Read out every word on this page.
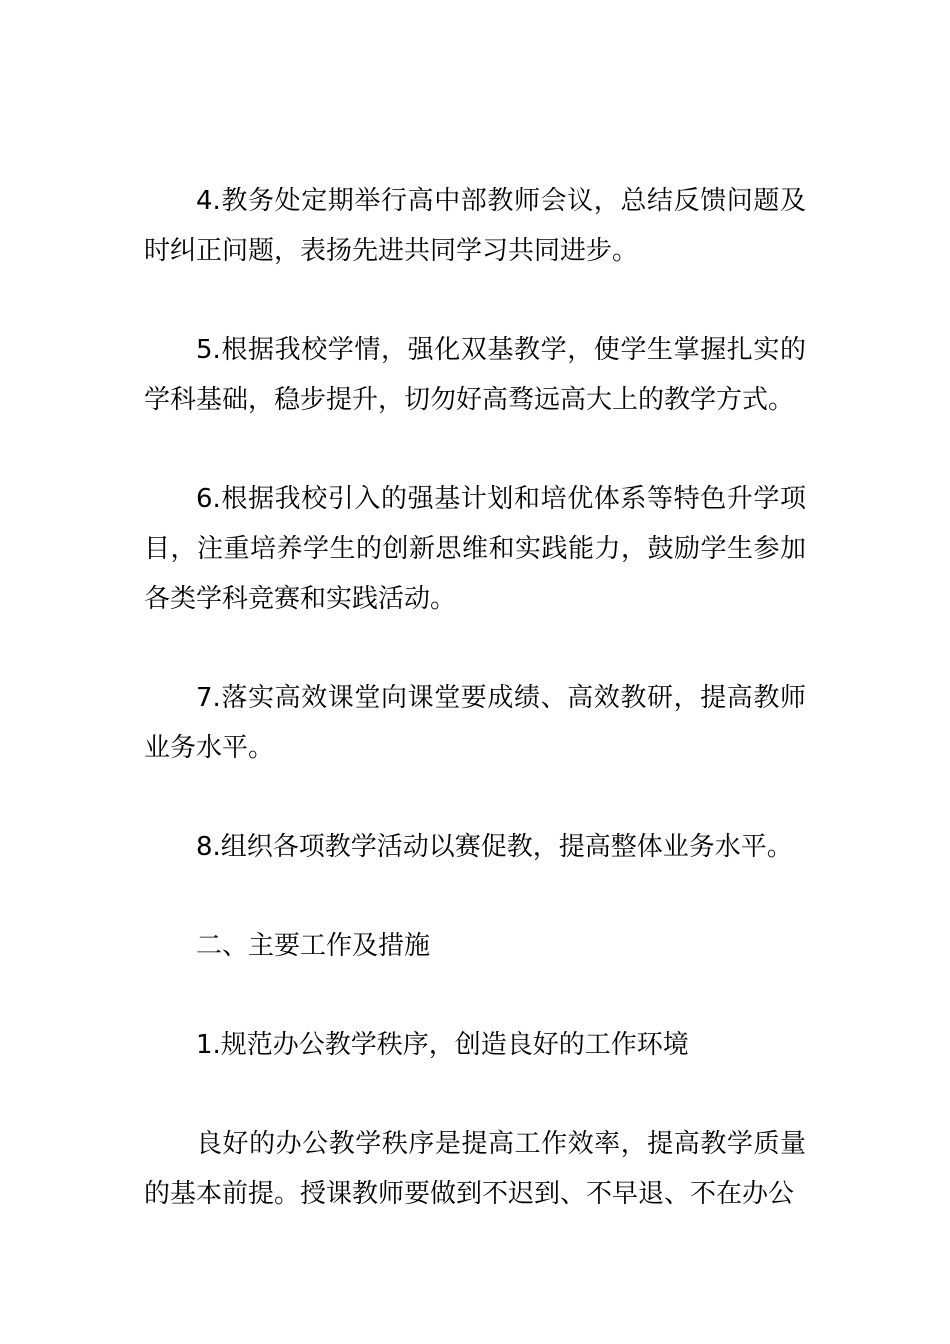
4.教务处定期举行高中部教师会议，总结反馈问题及时纠正问题，表扬先进共同学习共同进步。

5.根据我校学情，强化双基教学，使学生掌握扎实的学科基础，稳步提升，切勿好高骛远高大上的教学方式。

6.根据我校引入的强基计划和培优体系等特色升学项目，注重培养学生的创新思维和实践能力，鼓励学生参加各类学科竞赛和实践活动。

7.落实高效课堂向课堂要成绩、高效教研，提高教师业务水平。

8.组织各项教学活动以赛促教，提高整体业务水平。

二、主要工作及措施

1.规范办公教学秩序，创造良好的工作环境

良好的办公教学秩序是提高工作效率，提高教学质量的基本前提。授课教师要做到不迟到、不早退、不在办公
